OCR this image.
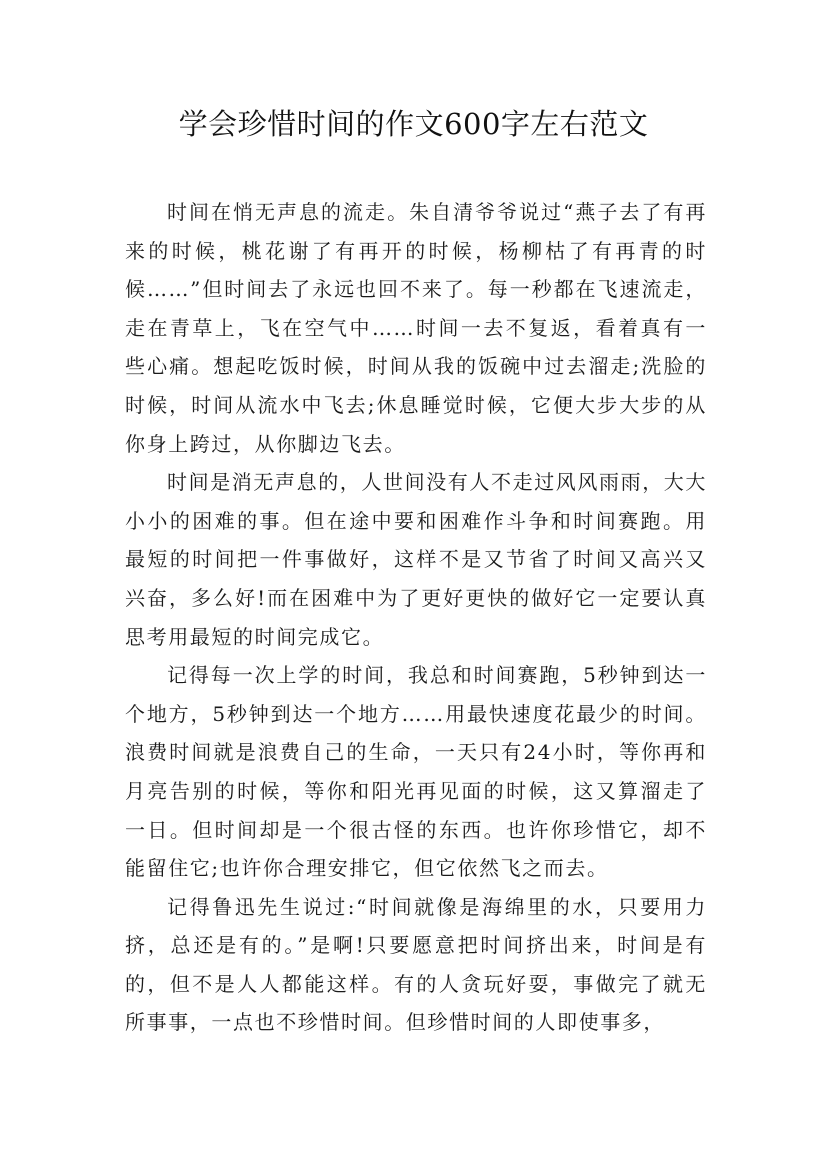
学会珍惜时间的作文600字左右范文

时间在悄无声息的流走。朱自清爷爷说过“燕子去了有再来的时候，桃花谢了有再开的时候，杨柳枯了有再青的时候……”但时间去了永远也回不来了。每一秒都在飞速流走，走在青草上，飞在空气中……时间一去不复返，看着真有一些心痛。想起吃饭时候，时间从我的饭碗中过去溜走;洗脸的时候，时间从流水中飞去;休息睡觉时候，它便大步大步的从你身上跨过，从你脚边飞去。

时间是消无声息的，人世间没有人不走过风风雨雨，大大小小的困难的事。但在途中要和困难作斗争和时间赛跑。用最短的时间把一件事做好，这样不是又节省了时间又高兴又兴奋，多么好!而在困难中为了更好更快的做好它一定要认真思考用最短的时间完成它。

记得每一次上学的时间，我总和时间赛跑，5秒钟到达一个地方，5秒钟到达一个地方……用最快速度花最少的时间。浪费时间就是浪费自己的生命，一天只有24小时，等你再和月亮告别的时候，等你和阳光再见面的时候，这又算溜走了一日。但时间却是一个很古怪的东西。也许你珍惜它，却不能留住它;也许你合理安排它，但它依然飞之而去。

记得鲁迅先生说过:“时间就像是海绵里的水，只要用力挤，总还是有的。”是啊!只要愿意把时间挤出来，时间是有的，但不是人人都能这样。有的人贪玩好耍，事做完了就无所事事，一点也不珍惜时间。但珍惜时间的人即使事多，
